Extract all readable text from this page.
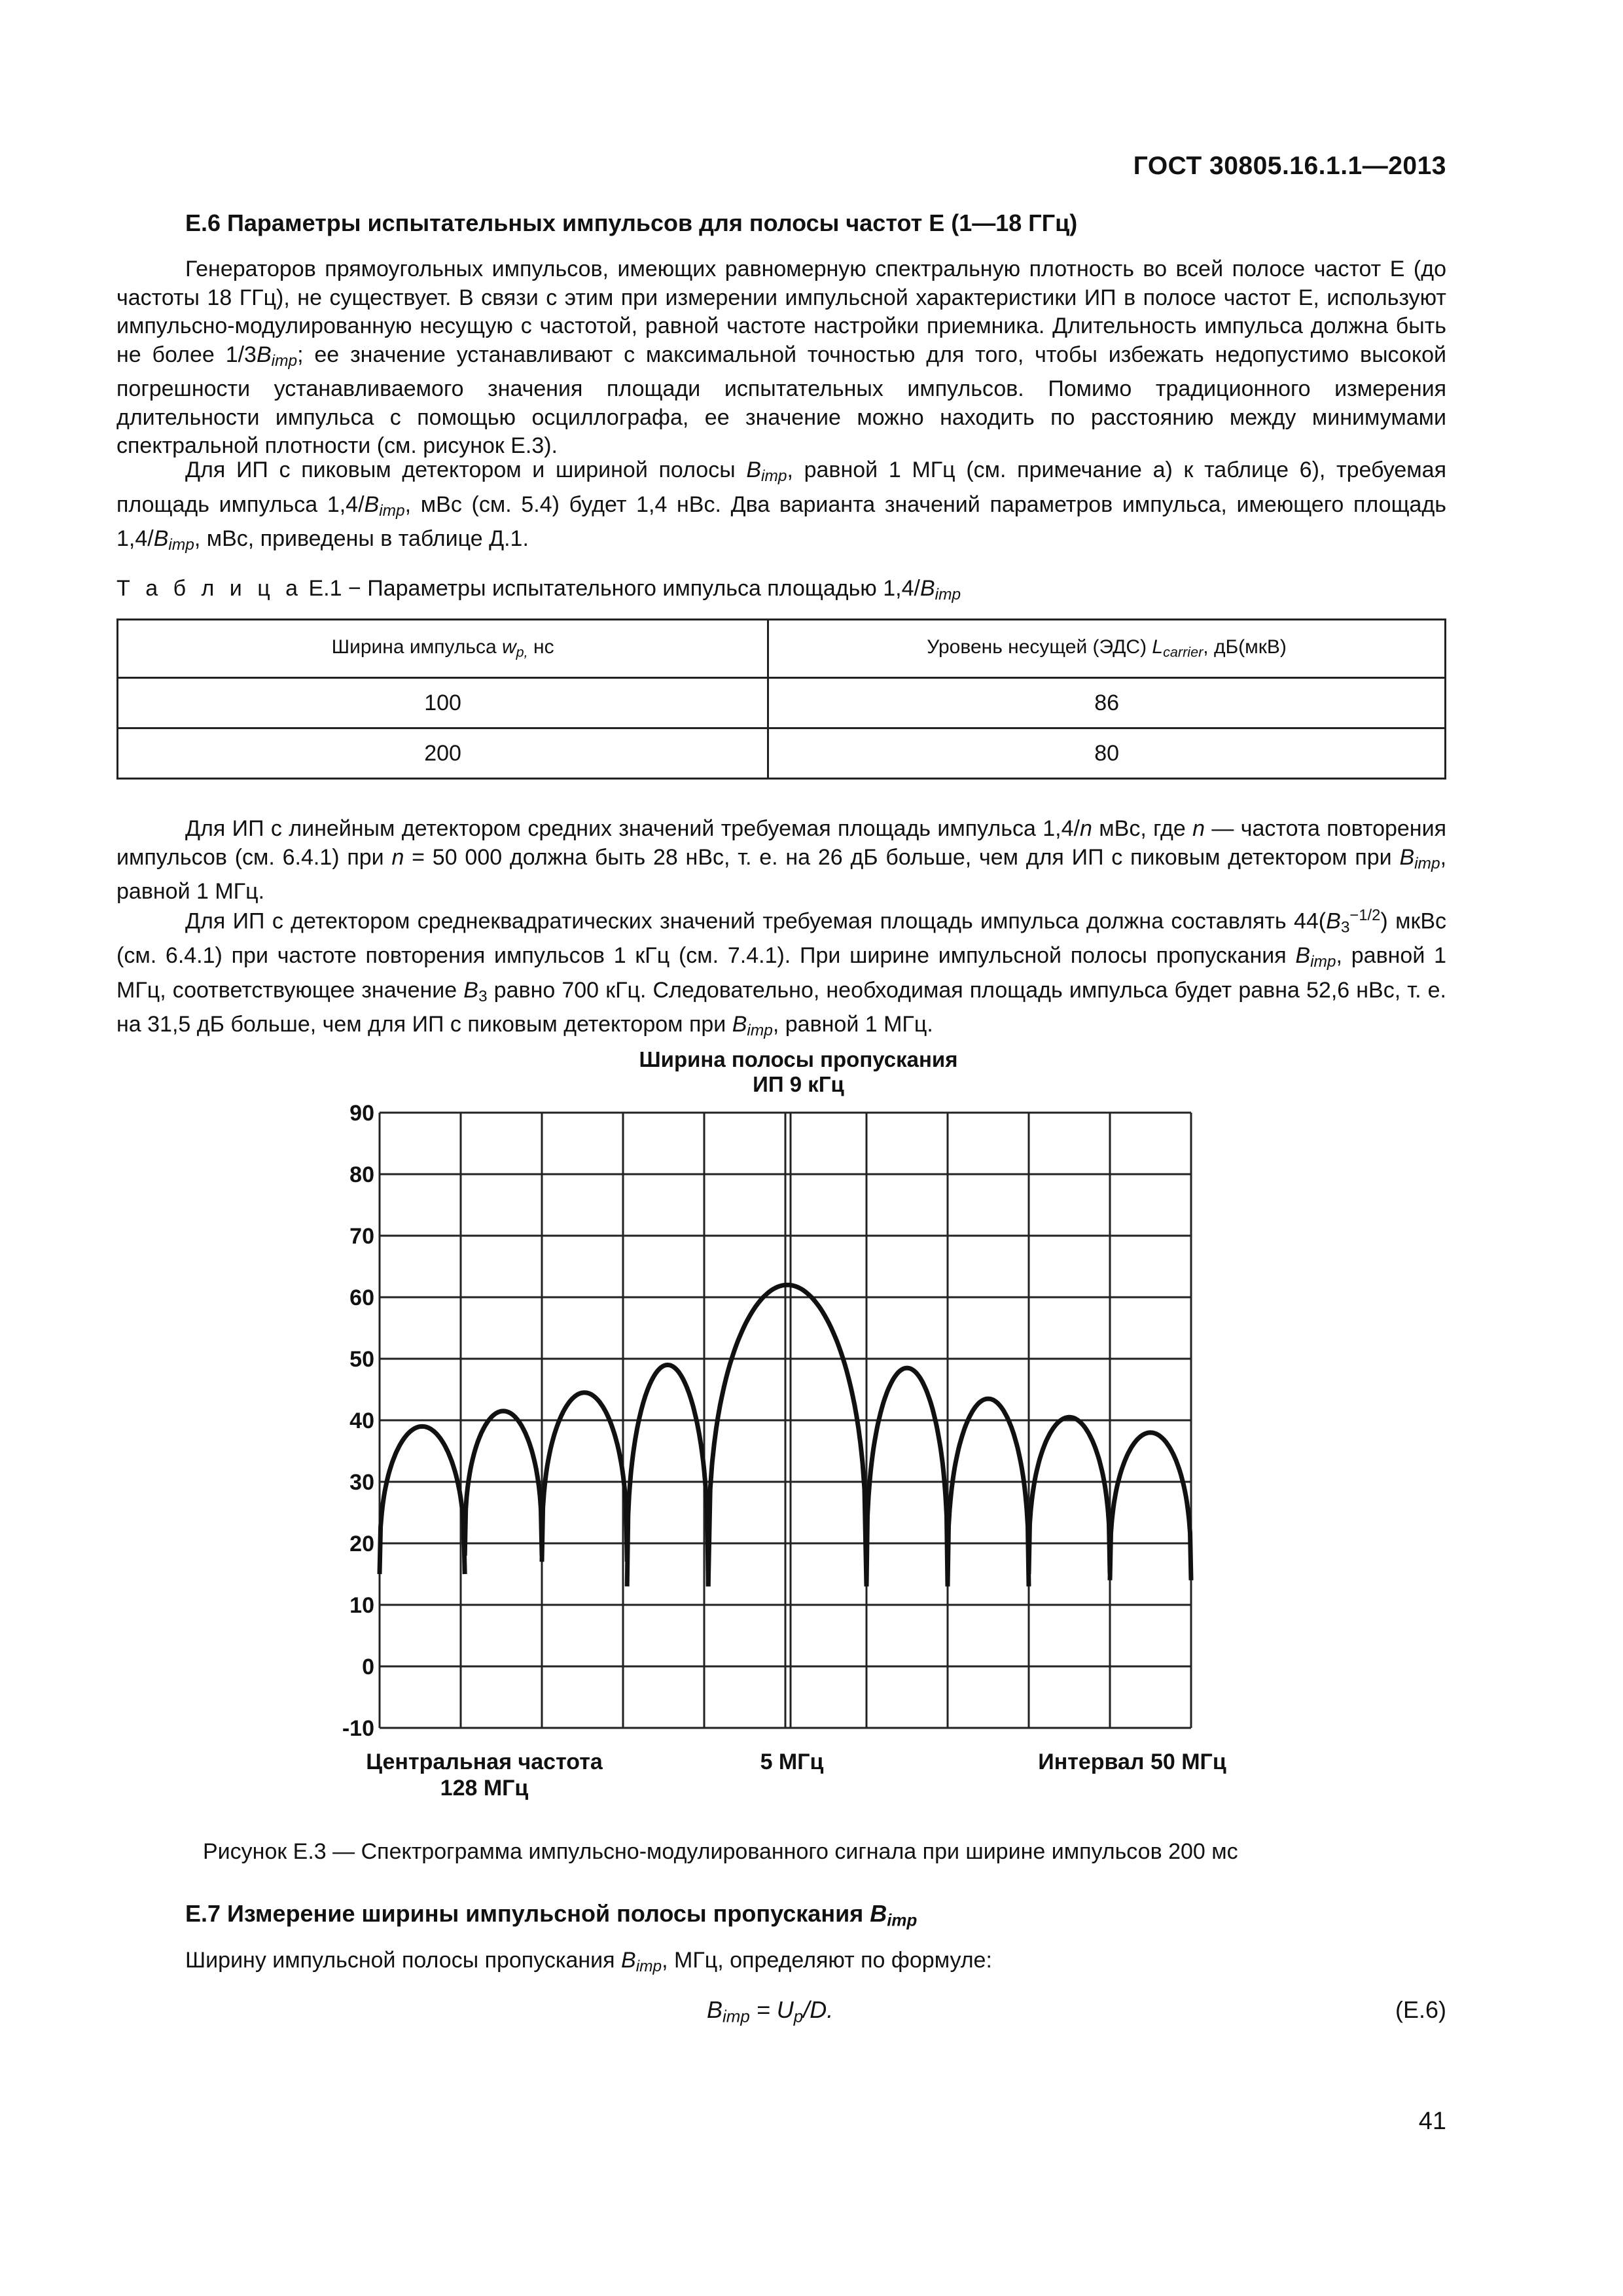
ГОСТ 30805.16.1.1—2013
Е.6 Параметры испытательных импульсов для полосы частот Е (1—18 ГГц)

Генераторов прямоугольных импульсов, имеющих равномерную спектральную плотность во всей полосе частот Е (до частоты 18 ГГц), не существует. В связи с этим при измерении импульсной характеристики ИП в полосе частот Е, используют импульсно-модулированную несущую с частотой, равной частоте настройки приемника. Длительность импульса должна быть не более $1/3B_{imp}$; ее значение устанавливают с максимальной точностью для того, чтобы избежать недопустимо высокой погрешности устанавливаемого значения площади испытательных импульсов. Помимо традиционного измерения длительности импульса с помощью осциллографа, ее значение можно находить по расстоянию между минимумами спектральной плотности (см. рисунок Е.3).

Для ИП с пиковым детектором и шириной полосы $B_{imp}$, равной 1 МГц (см. примечание а) к таблице 6), требуемая площадь импульса $1,4/B_{imp}$, мВс (см. 5.4) будет 1,4 нВс. Два варианта значений параметров импульса, имеющего площадь $1,4/B_{imp}$, мВс, приведены в таблице Д.1.

Т а б л и ц а Е.1 − Параметры испытательного импульса площадью 1,4/Bimp
Ширина импульса wp, нс	Уровень несущей (ЭДС) Lcarrier, дБ(мкВ)
100	86
200	80

Для ИП с линейным детектором средних значений требуемая площадь импульса 1,4/n мВс, где n — частота повторения импульсов (см. 6.4.1) при n = 50 000 должна быть 28 нВс, т. е. на 26 дБ больше, чем для ИП с пиковым детектором при $B_{imp}$, равной 1 МГц.

Для ИП с детектором среднеквадратических значений требуемая площадь импульса должна составлять $44(B_3^{-1/2})$ мкВс (см. 6.4.1) при частоте повторения импульсов 1 кГц (см. 7.4.1). При ширине импульсной полосы пропускания $B_{imp}$, равной 1 МГц, соответствующее значение $B_3$ равно 700 кГц. Следовательно, необходимая площадь импульса будет равна 52,6 нВс, т. е. на 31,5 дБ больше, чем для ИП с пиковым детектором при $B_{imp}$, равной 1 МГц.

Ширина полосы пропускания
ИП 9 кГц
90
80
70
60
50
40
30
20
10
0
-10
Центральная частота
128 МГц
5 МГц	Интервал 50 МГц
Рисунок Е.3 — Спектрограмма импульсно-модулированного сигнала при ширине импульсов 200 мс
Е.7 Измерение ширины импульсной полосы пропускания $B_{imp}$
Ширину импульсной полосы пропускания $B_{imp}$, МГц, определяют по формуле:
$B_{imp} = U_p/D$.	(Е.6)
41
